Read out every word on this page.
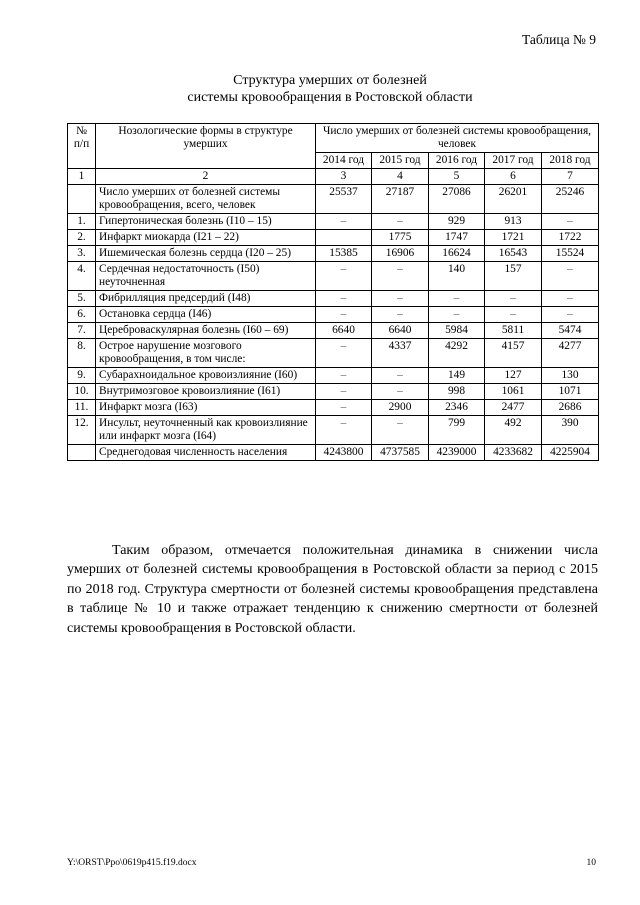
Таблица № 9
Структура умерших от болезней
системы кровообращения в Ростовской области
№ п/п	Нозологические формы в структуре умерших	Число умерших от болезней системы кровообращения, человек				
		2014 год	2015 год	2016 год	2017 год	2018 год
1	2	3	4	5	6	7
	Число умерших от болезней системы кровообращения, всего, человек	25537	27187	27086	26201	25246
1.	Гипертоническая болезнь (I10 – 15)	–	–	929	913	–
2.	Инфаркт миокарда (I21 – 22)		1775	1747	1721	1722
3.	Ишемическая болезнь сердца (I20 – 25)	15385	16906	16624	16543	15524
4.	Сердечная недостаточность (I50) неуточненная	–	–	140	157	–
5.	Фибрилляция предсердий (I48)	–	–	–	–	–
6.	Остановка сердца (I46)	–	–	–	–	–
7.	Цереброваскулярная болезнь (I60 – 69)	6640	6640	5984	5811	5474
8.	Острое нарушение мозгового кровообращения, в том числе:	–	4337	4292	4157	4277
9.	Субарахноидальное кровоизлияние (I60)	–	–	149	127	130
10.	Внутримозговое кровоизлияние (I61)	–	–	998	1061	1071
11.	Инфаркт мозга (I63)	–	2900	2346	2477	2686
12.	Инсульт, неуточненный как кровоизлияние или инфаркт мозга (I64)	–	–	799	492	390
	Среднегодовая численность населения	4243800	4737585	4239000	4233682	4225904

Таким образом, отмечается положительная динамика в снижении числа умерших от болезней системы кровообращения в Ростовской области за период с 2015 по 2018 год. Структура смертности от болезней системы кровообращения представлена в таблице № 10 и также отражает тенденцию к снижению смертности от болезней системы кровообращения в Ростовской области.

Y:\ORST\Ppo\0619p415.f19.docx	10
